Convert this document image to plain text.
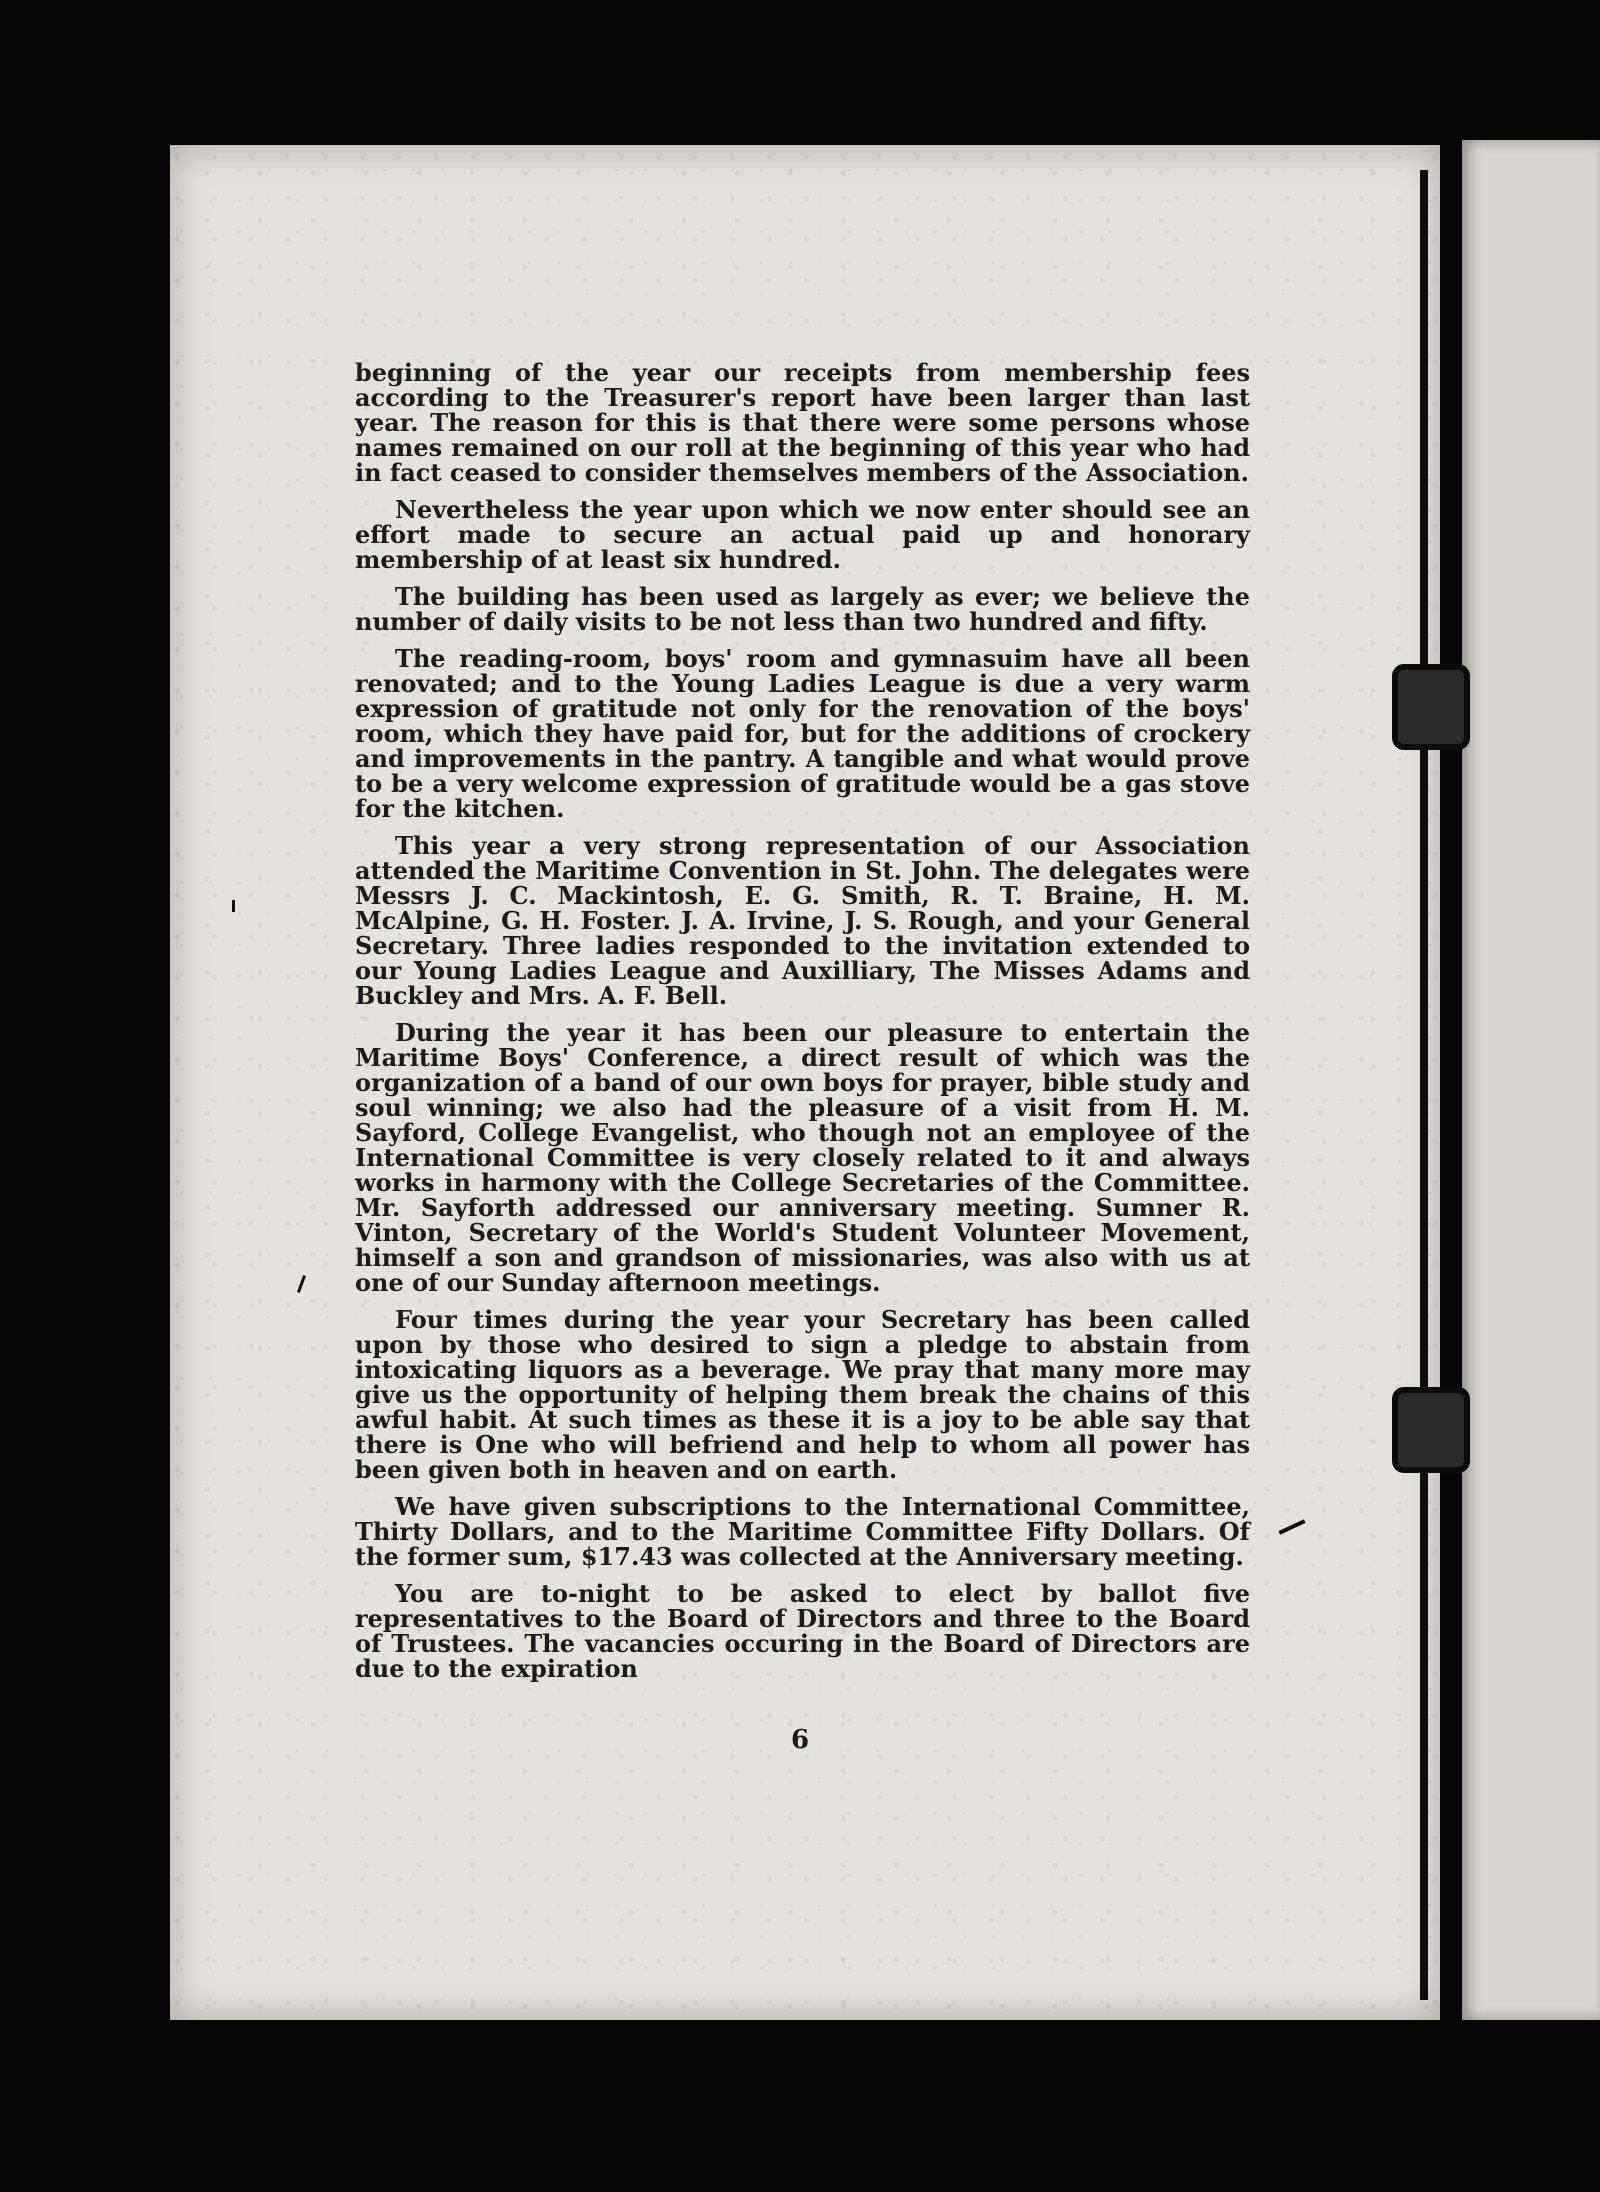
beginning of the year our receipts from membership fees according to the Treasurer's report have been larger than last year. The reason for this is that there were some persons whose names remained on our roll at the beginning of this year who had in fact ceased to consider themselves members of the Association.

Nevertheless the year upon which we now enter should see an effort made to secure an actual paid up and honorary membership of at least six hundred.

The building has been used as largely as ever; we believe the number of daily visits to be not less than two hundred and fifty.

The reading-room, boys' room and gymnasuim have all been renovated; and to the Young Ladies League is due a very warm expression of gratitude not only for the renovation of the boys' room, which they have paid for, but for the additions of crockery and improvements in the pantry. A tangible and what would prove to be a very welcome expression of gratitude would be a gas stove for the kitchen.

This year a very strong representation of our Association attended the Maritime Convention in St. John. The delegates were Messrs J. C. Mackintosh, E. G. Smith, R. T. Braine, H. M. McAlpine, G. H. Foster. J. A. Irvine, J. S. Rough, and your General Secretary. Three ladies responded to the invitation extended to our Young Ladies League and Auxilliary, The Misses Adams and Buckley and Mrs. A. F. Bell.

During the year it has been our pleasure to entertain the Maritime Boys' Conference, a direct result of which was the organization of a band of our own boys for prayer, bible study and soul winning; we also had the pleasure of a visit from H. M. Sayford, College Evangelist, who though not an employee of the International Committee is very closely related to it and always works in harmony with the College Secretaries of the Committee. Mr. Sayforth addressed our anniversary meeting. Sumner R. Vinton, Secretary of the World's Student Volunteer Movement, himself a son and grandson of missionaries, was also with us at one of our Sunday afternoon meetings.

Four times during the year your Secretary has been called upon by those who desired to sign a pledge to abstain from intoxicating liquors as a beverage. We pray that many more may give us the opportunity of helping them break the chains of this awful habit. At such times as these it is a joy to be able say that there is One who will befriend and help to whom all power has been given both in heaven and on earth.

We have given subscriptions to the International Committee, Thirty Dollars, and to the Maritime Committee Fifty Dollars. Of the former sum, $17.43 was collected at the Anniversary meeting.

You are to-night to be asked to elect by ballot five representatives to the Board of Directors and three to the Board of Trustees. The vacancies occuring in the Board of Directors are due to the expiration

6
